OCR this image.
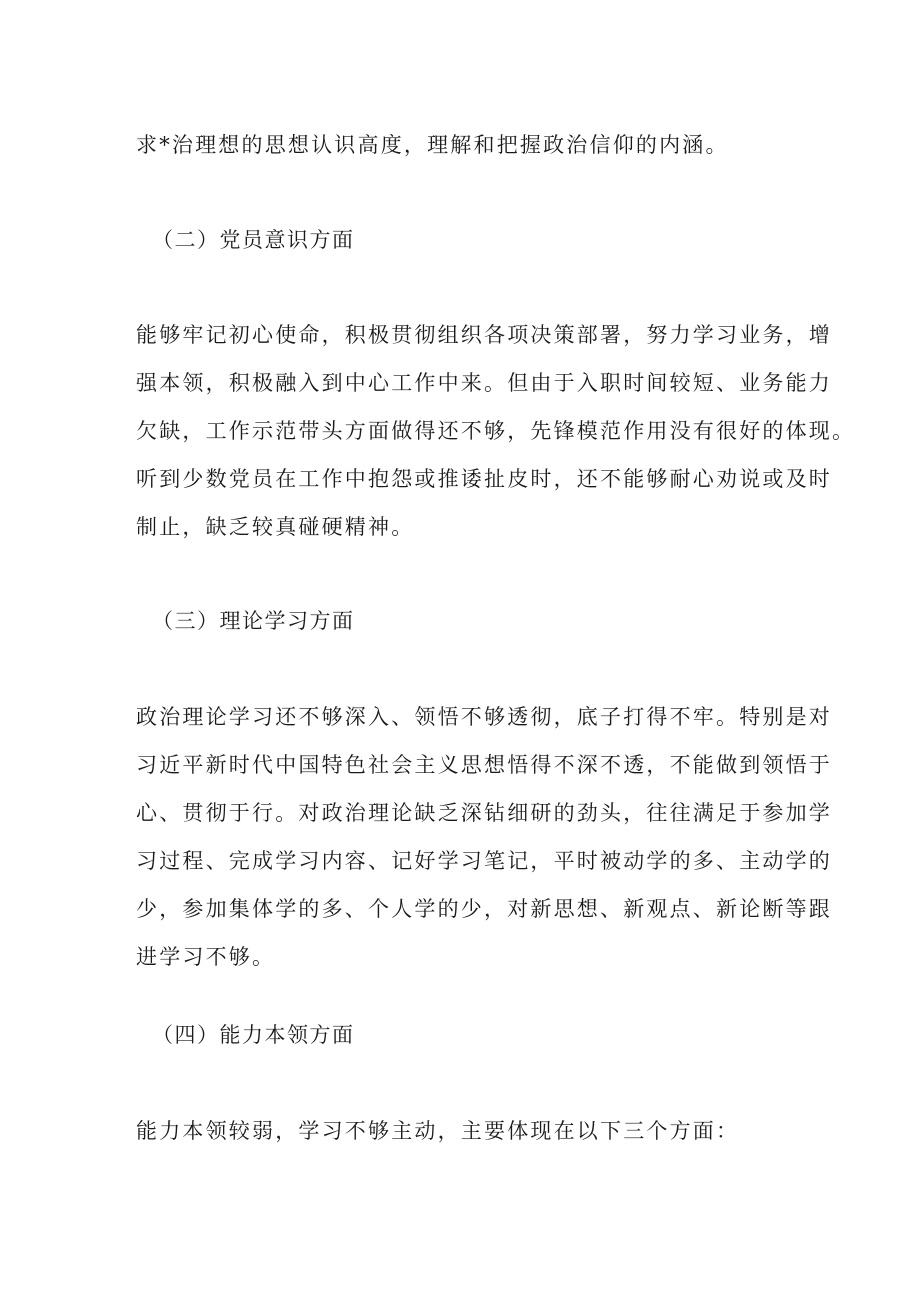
求*治理想的思想认识高度，理解和把握政治信仰的内涵。
（二）党员意识方面
能够牢记初心使命，积极贯彻组织各项决策部署，努力学习业务，增
强本领，积极融入到中心工作中来。但由于入职时间较短、业务能力
欠缺，工作示范带头方面做得还不够，先锋模范作用没有很好的体现。
听到少数党员在工作中抱怨或推诿扯皮时，还不能够耐心劝说或及时
制止，缺乏较真碰硬精神。
（三）理论学习方面
政治理论学习还不够深入、领悟不够透彻，底子打得不牢。特别是对
习近平新时代中国特色社会主义思想悟得不深不透，不能做到领悟于
心、贯彻于行。对政治理论缺乏深钻细研的劲头，往往满足于参加学
习过程、完成学习内容、记好学习笔记，平时被动学的多、主动学的
少，参加集体学的多、个人学的少，对新思想、新观点、新论断等跟
进学习不够。
（四）能力本领方面
能力本领较弱，学习不够主动，主要体现在以下三个方面：
